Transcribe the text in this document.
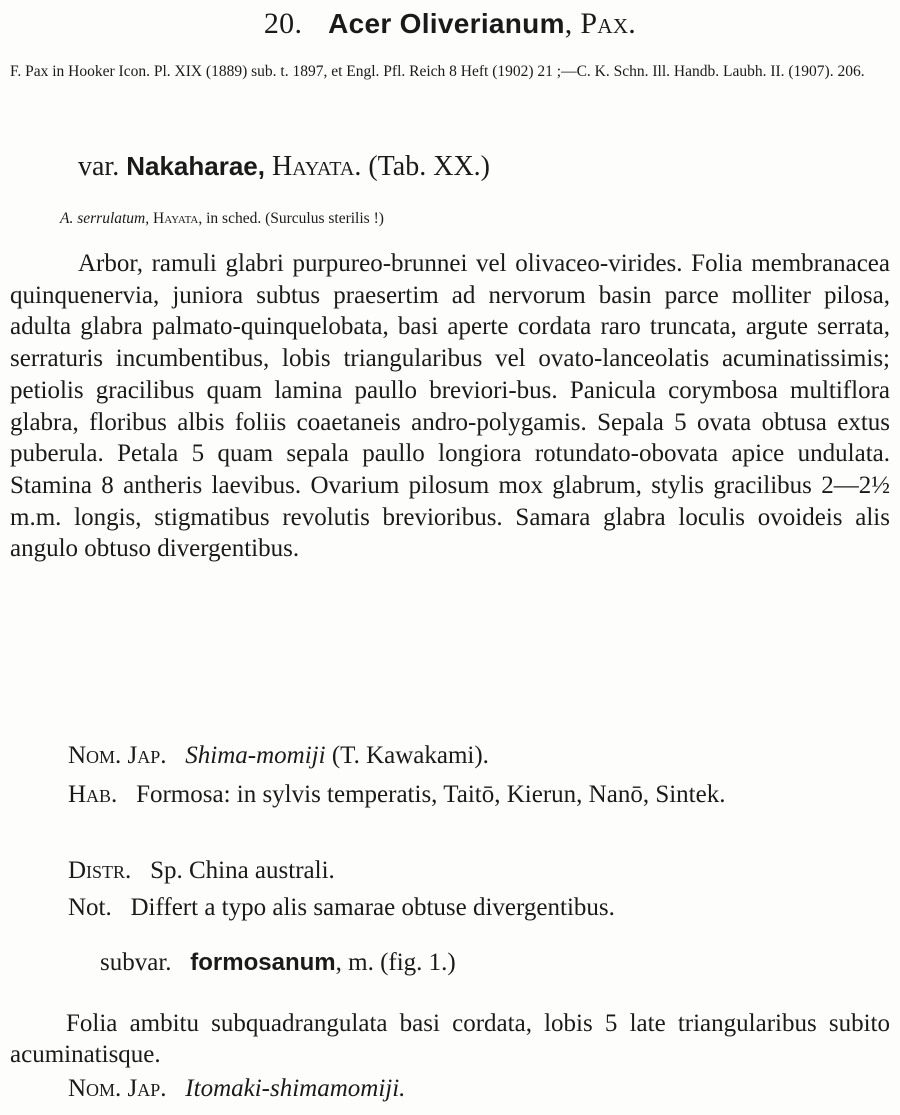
20. Acer Oliverianum, Pax.
F. Pax in Hooker Icon. Pl. XIX (1889) sub. t. 1897, et Engl. Pfl. Reich 8 Heft (1902) 21 ;—C. K. Schn. Ill. Handb. Laubh. II. (1907). 206.
var. Nakaharae, Hayata. (Tab. XX.)
A. serrulatum, Hayata, in sched. (Surculus sterilis !)
Arbor, ramuli glabri purpureo-brunnei vel olivaceo-virides. Folia membranacea quinquenervia, juniora subtus praesertim ad nervorum basin parce molliter pilosa, adulta glabra palmato-quinquelobata, basi aperte cordata raro truncata, argute serrata, serraturis incumbentibus, lobis triangularibus vel ovato-lanceolatis acuminatissimis; petiolis gracilibus quam lamina paullo breviori-bus. Panicula corymbosa multiflora glabra, floribus albis foliis coaetaneis andro-polygamis. Sepala 5 ovata obtusa extus puberula. Petala 5 quam sepala paullo longiora rotundato-obovata apice undulata. Stamina 8 antheris laevibus. Ovarium pilosum mox glabrum, stylis gracilibus 2—2½ m.m. longis, stigmatibus revolutis brevioribus. Samara glabra loculis ovoideis alis angulo obtuso divergentibus.
Nom. Jap. Shima-momiji (T. Kawakami).
Hab. Formosa: in sylvis temperatis, Taitō, Kierun, Nanō, Sintek.
Distr. Sp. China australi.
Not. Differt a typo alis samarae obtuse divergentibus.
subvar. formosanum, m. (fig. 1.)
Folia ambitu subquadrangulata basi cordata, lobis 5 late triangularibus subito acuminatisque.
Nom. Jap. Itomaki-shimamomiji.
